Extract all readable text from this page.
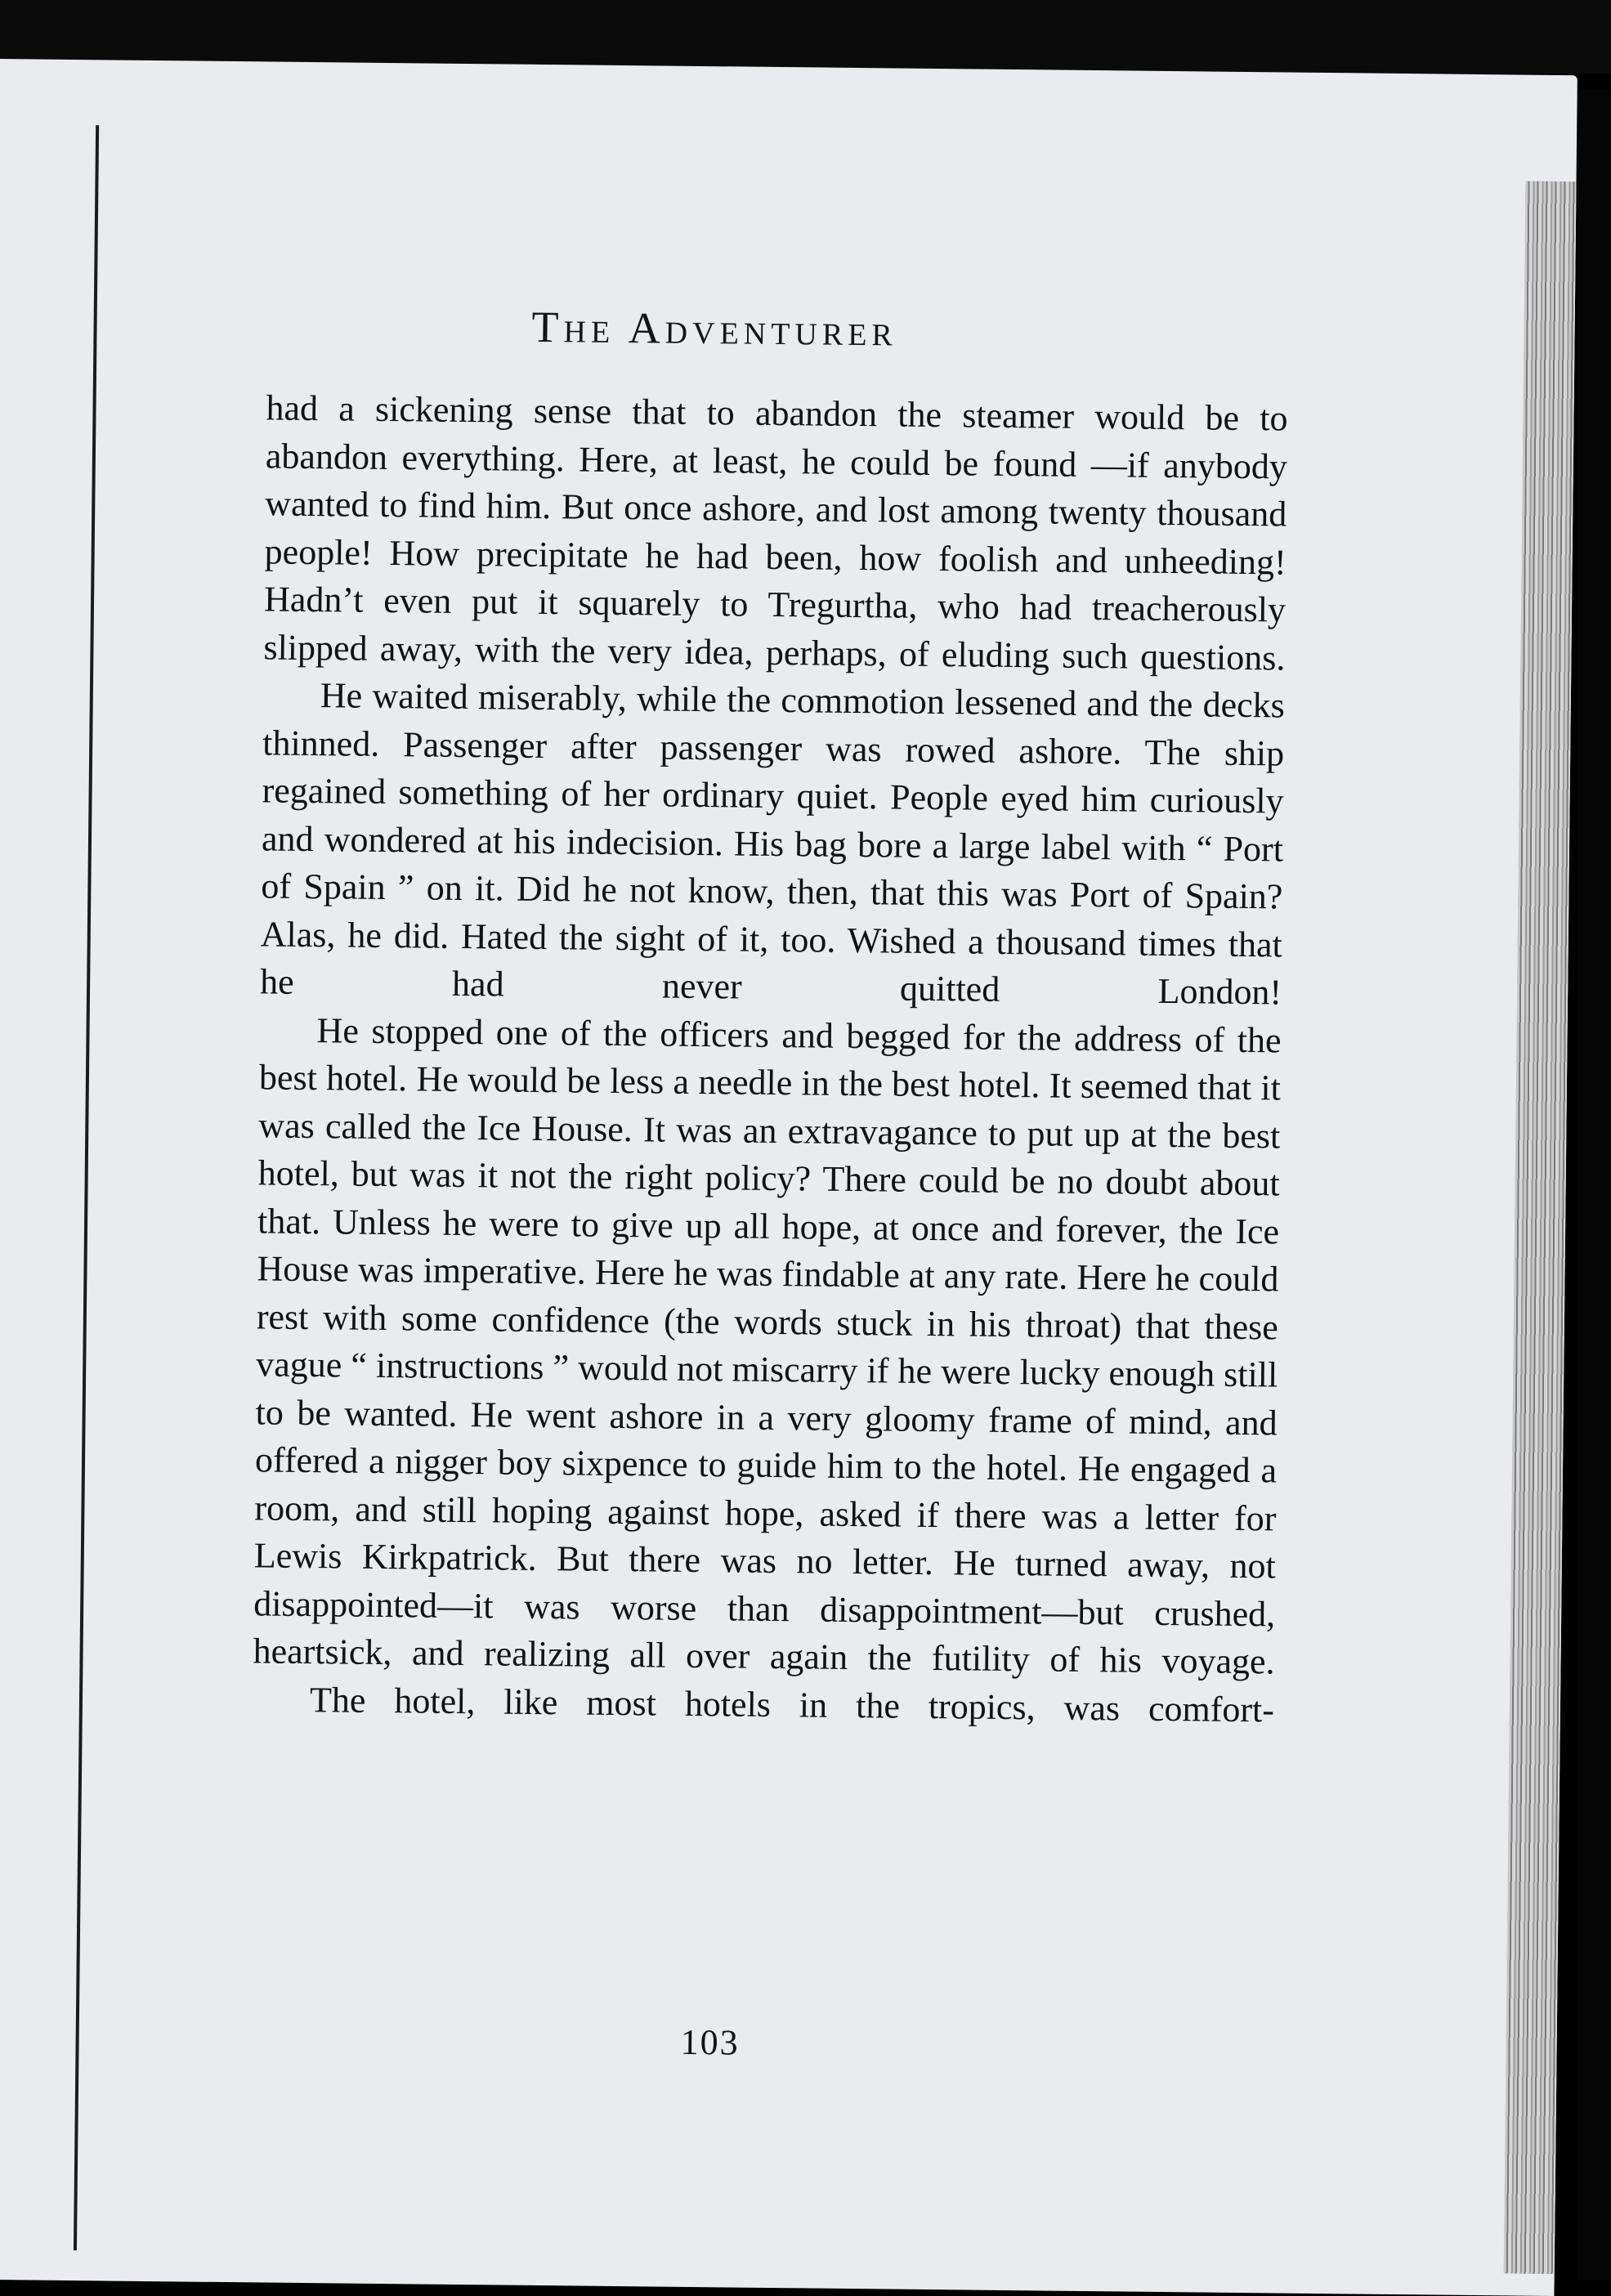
The Adventurer

had a sickening sense that to abandon the steamer would be to abandon everything. Here, at least, he could be found —if anybody wanted to find him. But once ashore, and lost among twenty thousand people! How precipitate he had been, how foolish and unheeding! Hadn’t even put it squarely to Tregurtha, who had treacherously slipped away, with the very idea, perhaps, of eluding such questions.

He waited miserably, while the commotion lessened and the decks thinned. Passenger after passenger was rowed ashore. The ship regained something of her ordinary quiet. People eyed him curiously and wondered at his indecision. His bag bore a large label with “ Port of Spain ” on it. Did he not know, then, that this was Port of Spain? Alas, he did. Hated the sight of it, too. Wished a thousand times that he had never quitted London!

He stopped one of the officers and begged for the address of the best hotel. He would be less a needle in the best hotel. It seemed that it was called the Ice House. It was an extravagance to put up at the best hotel, but was it not the right policy? There could be no doubt about that. Unless he were to give up all hope, at once and forever, the Ice House was imperative. Here he was findable at any rate. Here he could rest with some confidence (the words stuck in his throat) that these vague “ instructions ” would not miscarry if he were lucky enough still to be wanted. He went ashore in a very gloomy frame of mind, and offered a nigger boy sixpence to guide him to the hotel. He engaged a room, and still hoping against hope, asked if there was a letter for Lewis Kirkpatrick. But there was no letter. He turned away, not disappointed—it was worse than disappointment—but crushed, heartsick, and realizing all over again the futility of his voyage.

The hotel, like most hotels in the tropics, was comfort-

103
